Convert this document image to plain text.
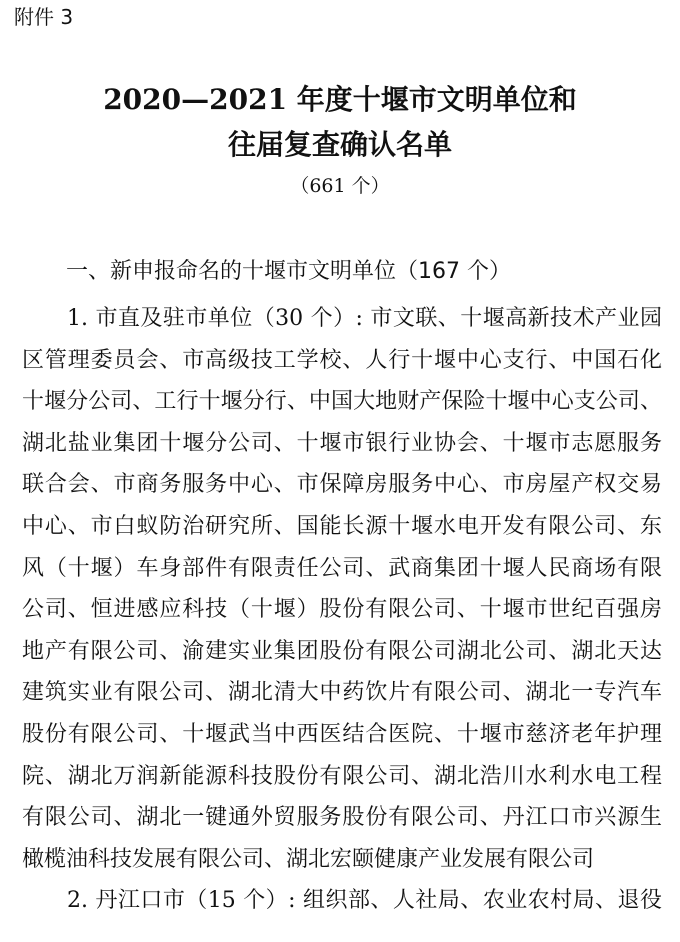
附件 3
2020—2021 年度十堰市文明单位和
往届复查确认名单
（661 个）
一、新申报命名的十堰市文明单位（167 个）
1. 市直及驻市单位（30 个）: 市文联、十堰高新技术产业园
区管理委员会、市高级技工学校、人行十堰中心支行、中国石化
十堰分公司、工行十堰分行、中国大地财产保险十堰中心支公司、
湖北盐业集团十堰分公司、十堰市银行业协会、十堰市志愿服务
联合会、市商务服务中心、市保障房服务中心、市房屋产权交易
中心、市白蚁防治研究所、国能长源十堰水电开发有限公司、东
风（十堰）车身部件有限责任公司、武商集团十堰人民商场有限
公司、恒进感应科技（十堰）股份有限公司、十堰市世纪百强房
地产有限公司、渝建实业集团股份有限公司湖北公司、湖北天达
建筑实业有限公司、湖北清大中药饮片有限公司、湖北一专汽车
股份有限公司、十堰武当中西医结合医院、十堰市慈济老年护理
院、湖北万润新能源科技股份有限公司、湖北浩川水利水电工程
有限公司、湖北一键通外贸服务股份有限公司、丹江口市兴源生
橄榄油科技发展有限公司、湖北宏颐健康产业发展有限公司
2. 丹江口市（15 个）: 组织部、人社局、农业农村局、退役
